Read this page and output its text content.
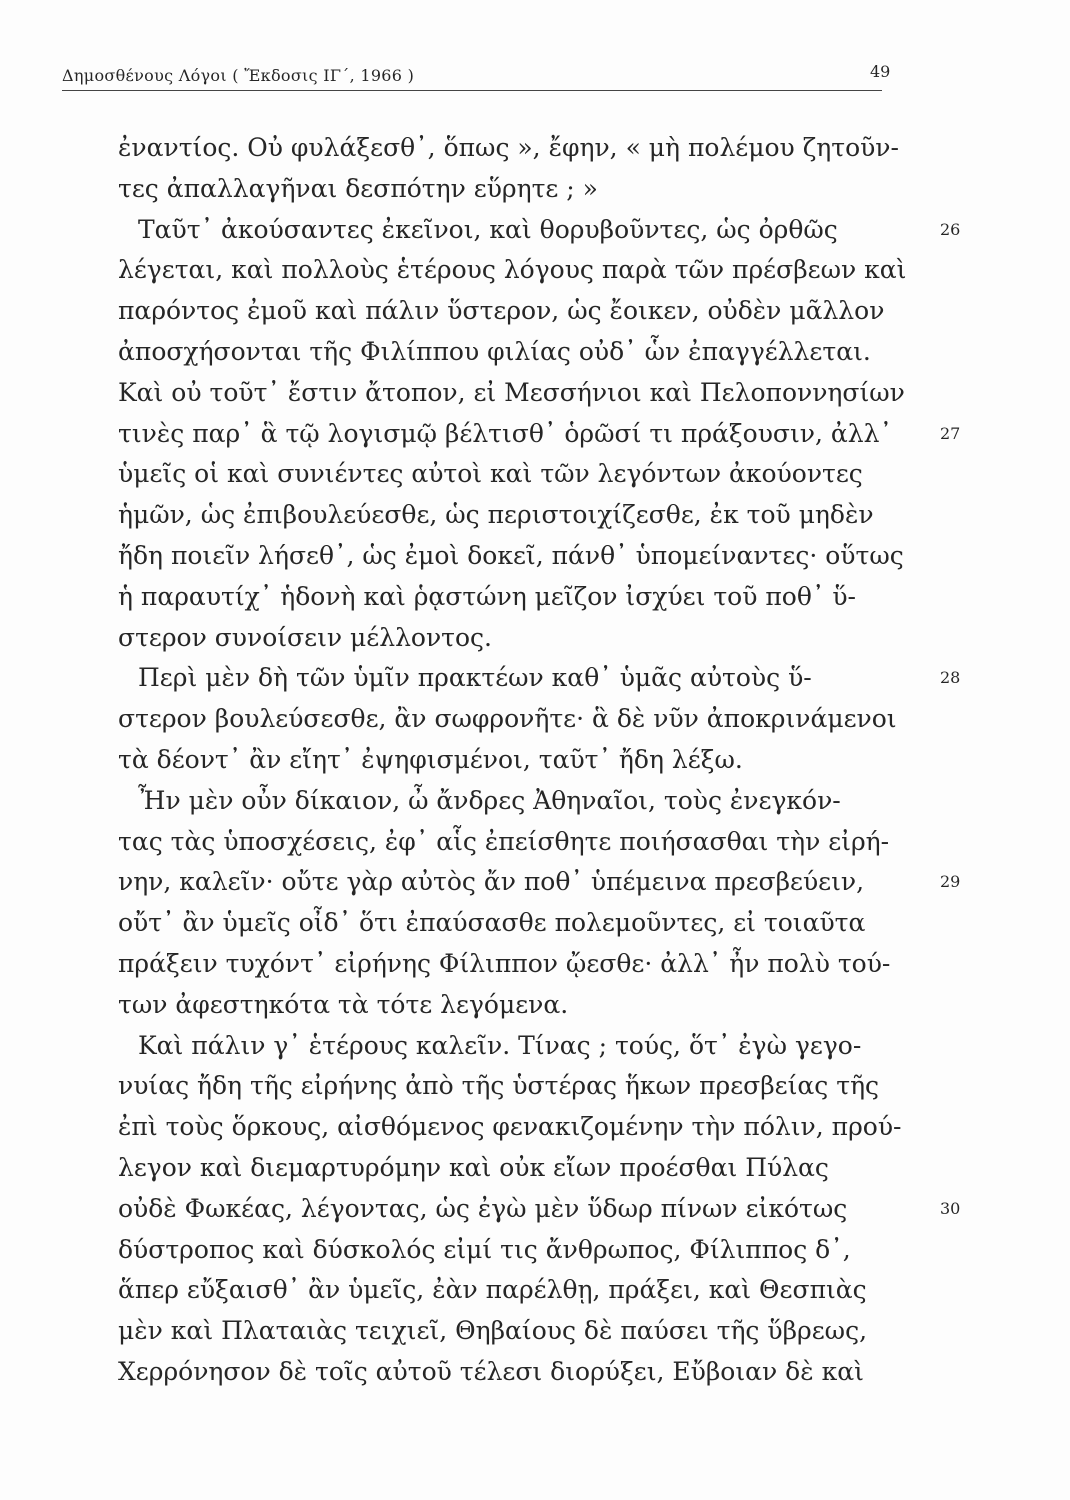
Δημοσθένους Λόγοι ( Ἔκδοσις ΙΓ΄, 1966 )	49
ἐναντίος. Οὐ φυλάξεσθ᾿, ὅπως », ἔφην, « μὴ πολέμου ζητοῦν-
τες ἀπαλλαγῆναι δεσπότην εὕρητε ; »
Ταῦτ᾿ ἀκούσαντες ἐκεῖνοι, καὶ θορυβοῦντες, ὡς ὀρθῶς	26
λέγεται, καὶ πολλοὺς ἑτέρους λόγους παρὰ τῶν πρέσβεων καὶ
παρόντος ἐμοῦ καὶ πάλιν ὕστερον, ὡς ἔοικεν, οὐδὲν μᾶλλον
ἀποσχήσονται τῆς Φιλίππου φιλίας οὐδ᾿ ὧν ἐπαγγέλλεται.
Καὶ οὐ τοῦτ᾿ ἔστιν ἄτοπον, εἰ Μεσσήνιοι καὶ Πελοποννησίων
τινὲς παρ᾿ ἃ τῷ λογισμῷ βέλτισθ᾿ ὁρῶσί τι πράξουσιν, ἀλλ᾿	27
ὑμεῖς οἱ καὶ συνιέντες αὐτοὶ καὶ τῶν λεγόντων ἀκούοντες
ἡμῶν, ὡς ἐπιβουλεύεσθε, ὡς περιστοιχίζεσθε, ἐκ τοῦ μηδὲν
ἤδη ποιεῖν λήσεθ᾿, ὡς ἐμοὶ δοκεῖ, πάνθ᾿ ὑπομείναντες· οὕτως
ἡ παραυτίχ᾿ ἡδονὴ καὶ ῥᾳστώνη μεῖζον ἰσχύει τοῦ ποθ᾿ ὕ-
στερον συνοίσειν μέλλοντος.
Περὶ μὲν δὴ τῶν ὑμῖν πρακτέων καθ᾿ ὑμᾶς αὐτοὺς ὕ-	28
στερον βουλεύσεσθε, ἂν σωφρονῆτε· ἃ δὲ νῦν ἀποκρινάμενοι
τὰ δέοντ᾿ ἂν εἴητ᾿ ἐψηφισμένοι, ταῦτ᾿ ἤδη λέξω.
Ἦν μὲν οὖν δίκαιον, ὦ ἄνδρες Ἀθηναῖοι, τοὺς ἐνεγκόν-
τας τὰς ὑποσχέσεις, ἐφ᾿ αἷς ἐπείσθητε ποιήσασθαι τὴν εἰρή-
νην, καλεῖν· οὔτε γὰρ αὐτὸς ἄν ποθ᾿ ὑπέμεινα πρεσβεύειν,	29
οὔτ᾿ ἂν ὑμεῖς οἶδ᾿ ὅτι ἐπαύσασθε πολεμοῦντες, εἰ τοιαῦτα
πράξειν τυχόντ᾿ εἰρήνης Φίλιππον ᾤεσθε· ἀλλ᾿ ἦν πολὺ τού-
των ἀφεστηκότα τὰ τότε λεγόμενα.
Καὶ πάλιν γ᾿ ἑτέρους καλεῖν. Τίνας ; τούς, ὅτ᾿ ἐγὼ γεγο-
νυίας ἤδη τῆς εἰρήνης ἀπὸ τῆς ὑστέρας ἥκων πρεσβείας τῆς
ἐπὶ τοὺς ὅρκους, αἰσθόμενος φενακιζομένην τὴν πόλιν, πρού-
λεγον καὶ διεμαρτυρόμην καὶ οὐκ εἴων προέσθαι Πύλας
οὐδὲ Φωκέας, λέγοντας, ὡς ἐγὼ μὲν ὕδωρ πίνων εἰκότως	30
δύστροπος καὶ δύσκολός εἰμί τις ἄνθρωπος, Φίλιππος δ᾿,
ἅπερ εὔξαισθ᾿ ἂν ὑμεῖς, ἐὰν παρέλθῃ, πράξει, καὶ Θεσπιὰς
μὲν καὶ Πλαταιὰς τειχιεῖ, Θηβαίους δὲ παύσει τῆς ὕβρεως,
Χερρόνησον δὲ τοῖς αὐτοῦ τέλεσι διορύξει, Εὔβοιαν δὲ καὶ
